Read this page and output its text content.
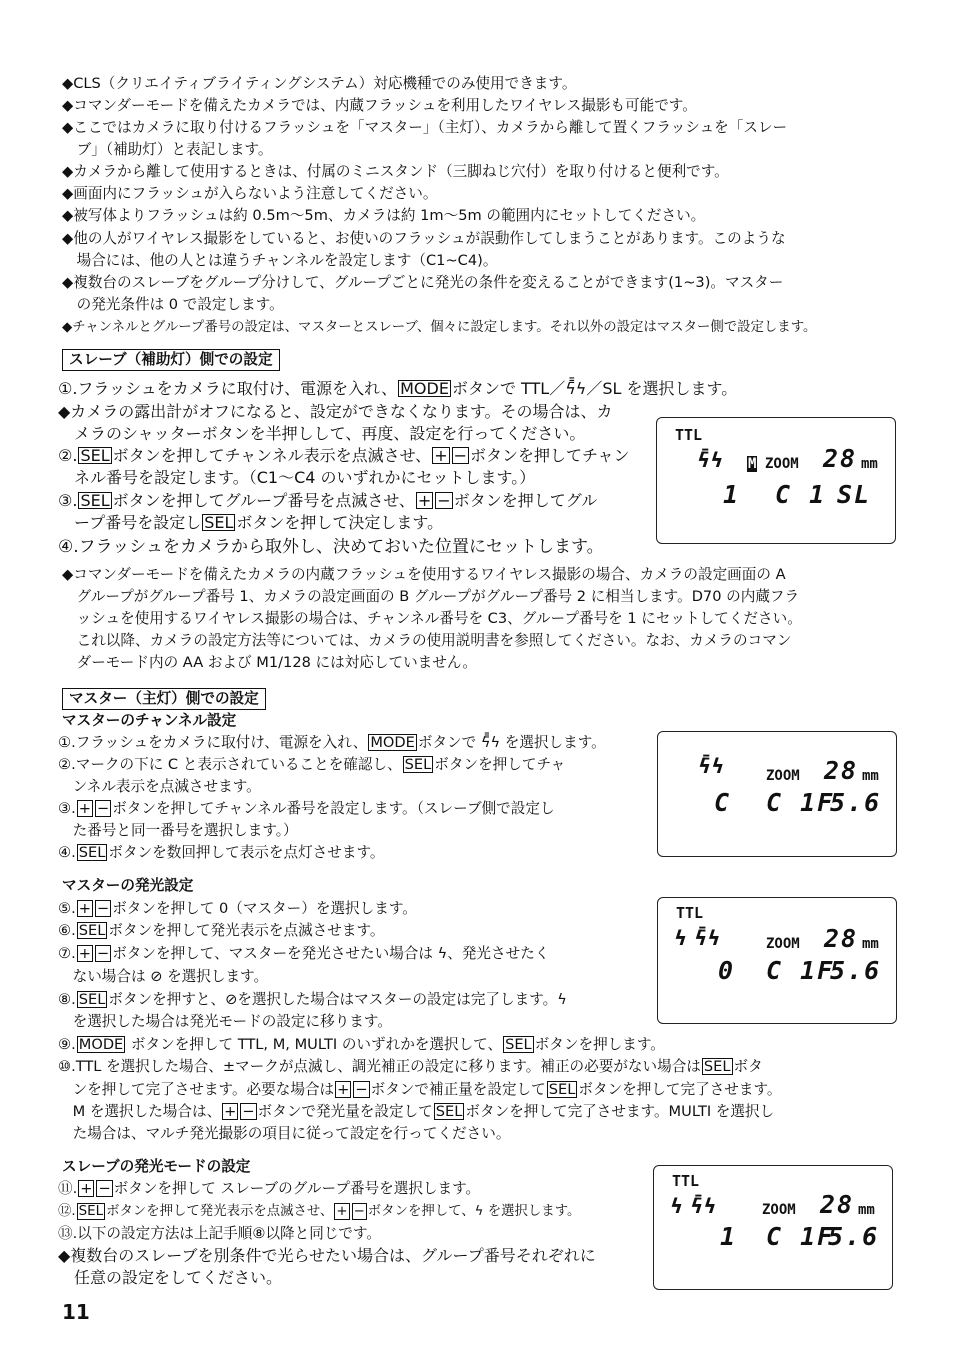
◆CLS（クリエイティブライティングシステム）対応機種でのみ使用できます。
◆コマンダーモードを備えたカメラでは、内蔵フラッシュを利用したワイヤレス撮影も可能です。
◆ここではカメラに取り付けるフラッシュを「マスター」（主灯）、カメラから離して置くフラッシュを「スレー
　ブ」（補助灯）と表記します。
◆カメラから離して使用するときは、付属のミニスタンド（三脚ねじ穴付）を取り付けると便利です。
◆画面内にフラッシュが入らないよう注意してください。
◆被写体よりフラッシュは約 0.5m〜5m、カメラは約 1m〜5m の範囲内にセットしてください。
◆他の人がワイヤレス撮影をしていると、お使いのフラッシュが誤動作してしまうことがあります。このような
　場合には、他の人とは違うチャンネルを設定します（C1~C4)。
◆複数台のスレーブをグループ分けして、グループごとに発光の条件を変えることができます(1~3)。マスター
　の発光条件は 0 で設定します。
◆チャンネルとグループ番号の設定は、マスターとスレーブ、個々に設定します。それ以外の設定はマスター側で設定します。
スレーブ（補助灯）側での設定
①.フラッシュをカメラに取付け、電源を入れ、 MODE ボタンで TTL／ϟ̄̄̄ϟ／SL を選択します。
◆カメラの露出計がオフになると、設定ができなくなります。その場合は、カ
　メラのシャッターボタンを半押しして、再度、設定を行ってください。
②. SEL ボタンを押してチャンネル表示を点滅させ、 + − ボタンを押してチャン
　ネル番号を設定します。（C1〜C4 のいずれかにセットします。）
③. SEL ボタンを押してグループ番号を点滅させ、 + − ボタンを押してグル
　ープ番号を設定し SEL ボタンを押して決定します。
④.フラッシュをカメラから取外し、決めておいた位置にセットします。
◆コマンダーモードを備えたカメラの内蔵フラッシュを使用するワイヤレス撮影の場合、カメラの設定画面の A
　グループがグループ番号 1、カメラの設定画面の B グループがグループ番号 2 に相当します。D70 の内蔵フラ
　ッシュを使用するワイヤレス撮影の場合は、チャンネル番号を C3、グループ番号を 1 にセットしてください。
　これ以降、カメラの設定方法等については、カメラの使用説明書を参照してください。なお、カメラのコマン
　ダーモード内の AA および M1/128 には対応していません。
TTL
ϟ̄̄ϟ M ZOOM 28 mm
1 C 1 SL
マスター（主灯）側での設定
マスターのチャンネル設定
①.フラッシュをカメラに取付け、電源を入れ、 MODE ボタンで ϟ̄̄̄ϟ を選択します。
②.マークの下に C と表示されていることを確認し、 SEL ボタンを押してチャ
　ンネル表示を点滅させます。
③. + − ボタンを押してチャンネル番号を設定します。（スレーブ側で設定し
　た番号と同一番号を選択します。）
④. SEL ボタンを数回押して表示を点灯させます。
マスターの発光設定
⑤. + − ボタンを押して 0（マスター）を選択します。
⑥. SEL ボタンを押して発光表示を点滅させます。
⑦. + − ボタンを押して、マスターを発光させたい場合は ϟ、発光させたく
　ない場合は ⊘ を選択します。
⑧. SEL ボタンを押すと、⊘を選択した場合はマスターの設定は完了します。ϟ
　を選択した場合は発光モードの設定に移ります。
⑨. MODE ボタンを押して TTL, M, MULTI のいずれかを選択して、 SEL ボタンを押します。
⑩.TTL を選択した場合、±マークが点滅し、調光補正の設定に移ります。補正の必要がない場合は SEL ボタ
　ンを押して完了させます。必要な場合は + − ボタンで補正量を設定して SEL ボタンを押して完了させます。
　M を選択した場合は、 + − ボタンで発光量を設定して SEL ボタンを押して完了させます。MULTI を選択し
　た場合は、マルチ発光撮影の項目に従って設定を行ってください。
スレーブの発光モードの設定
⑪. + − ボタンを押して スレーブのグループ番号を選択します。
⑫. SEL ボタンを押して発光表示を点滅させ、 + − ボタンを押して、ϟ を選択します。
⑬.以下の設定方法は上記手順⑧以降と同じです。
◆複数台のスレーブを別条件で光らせたい場合は、グループ番号それぞれに
　任意の設定をしてください。
ϟ̄̄ϟ	ZOOM 28 mm
C C 1F
5.6
TTL
ϟ ϟ̄̄ϟ	ZOOM 28 mm
0 C 1F
5.6
TTL
ϟ ϟ̄̄ϟ	ZOOM 28 mm
1 C 1F
5.6
11
